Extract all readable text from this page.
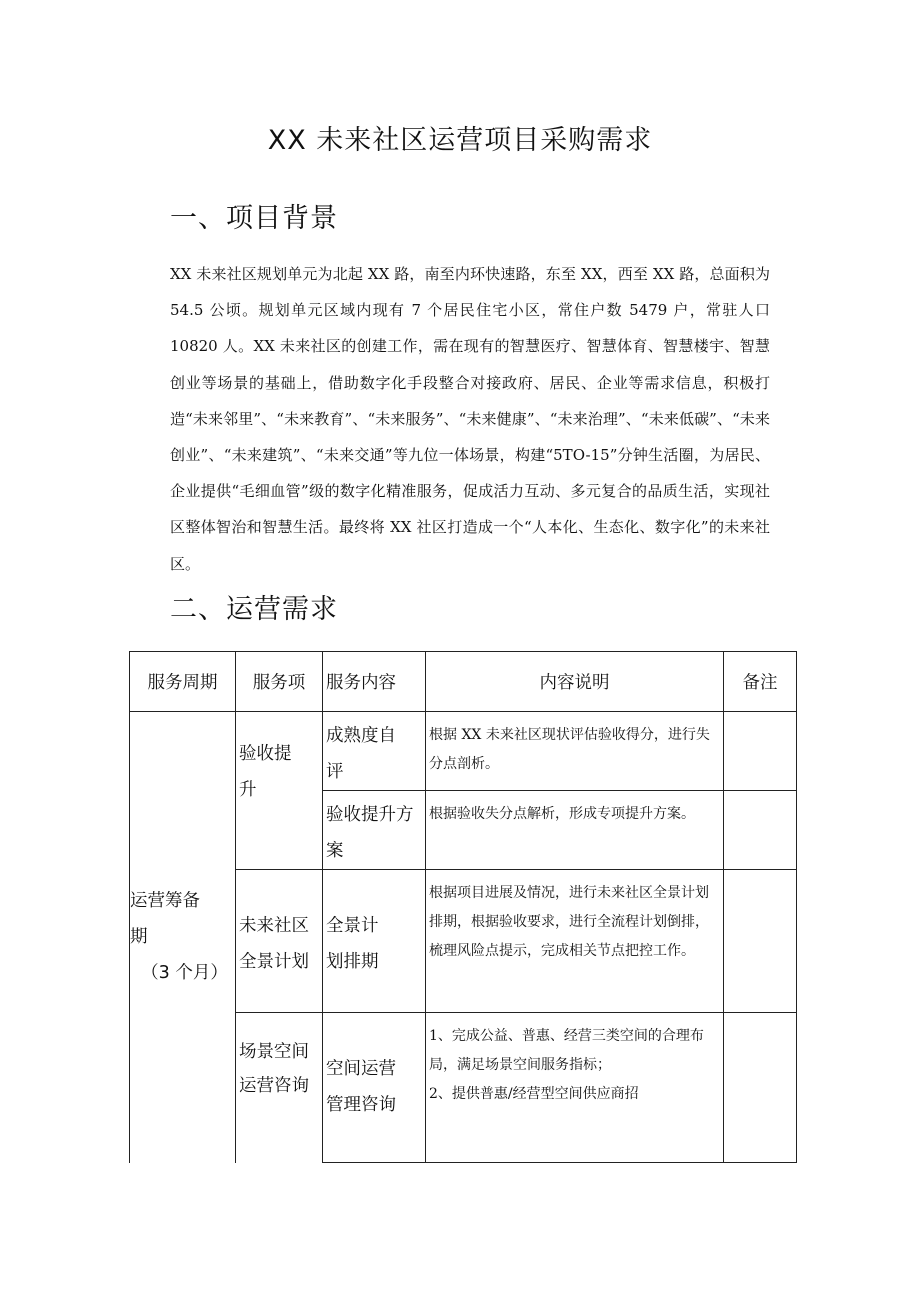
XX 未来社区运营项目采购需求
一、项目背景
XX 未来社区规划单元为北起 XX 路，南至内环快速路，东至 XX，西至 XX 路，总面积为 54.5 公顷。规划单元区域内现有 7 个居民住宅小区，常住户数 5479 户，常驻人口 10820 人。XX 未来社区的创建工作，需在现有的智慧医疗、智慧体育、智慧楼宇、智慧创业等场景的基础上，借助数字化手段整合对接政府、居民、企业等需求信息，积极打造“未来邻里”、“未来教育”、“未来服务”、“未来健康”、“未来治理”、“未来低碳”、“未来创业”、“未来建筑”、“未来交通”等九位一体场景，构建“5TO-15”分钟生活圈，为居民、企业提供“毛细血管”级的数字化精准服务，促成活力互动、多元复合的品质生活，实现社区整体智治和智慧生活。最终将 XX 社区打造成一个“人本化、生态化、数字化”的未来社区。
二、运营需求
服务周期	服务项	服务内容	内容说明	备注

运营筹备期
（3 个月）	验收提升	成熟度自评	根据 XX 未来社区现状评估验收得分，进行失分点剖析。	

		验收提升方案	根据验收失分点解析，形成专项提升方案。	

	未来社区全景计划	全景计划排期	根据项目进展及情况，进行未来社区全景计划排期，根据验收要求，进行全流程计划倒排，梳理风险点提示，完成相关节点把控工作。	

	场景空间运营咨询	空间运营管理咨询	1、完成公益、普惠、经营三类空间的合理布局，满足场景空间服务指标；
2、提供普惠/经营型空间供应商招	
